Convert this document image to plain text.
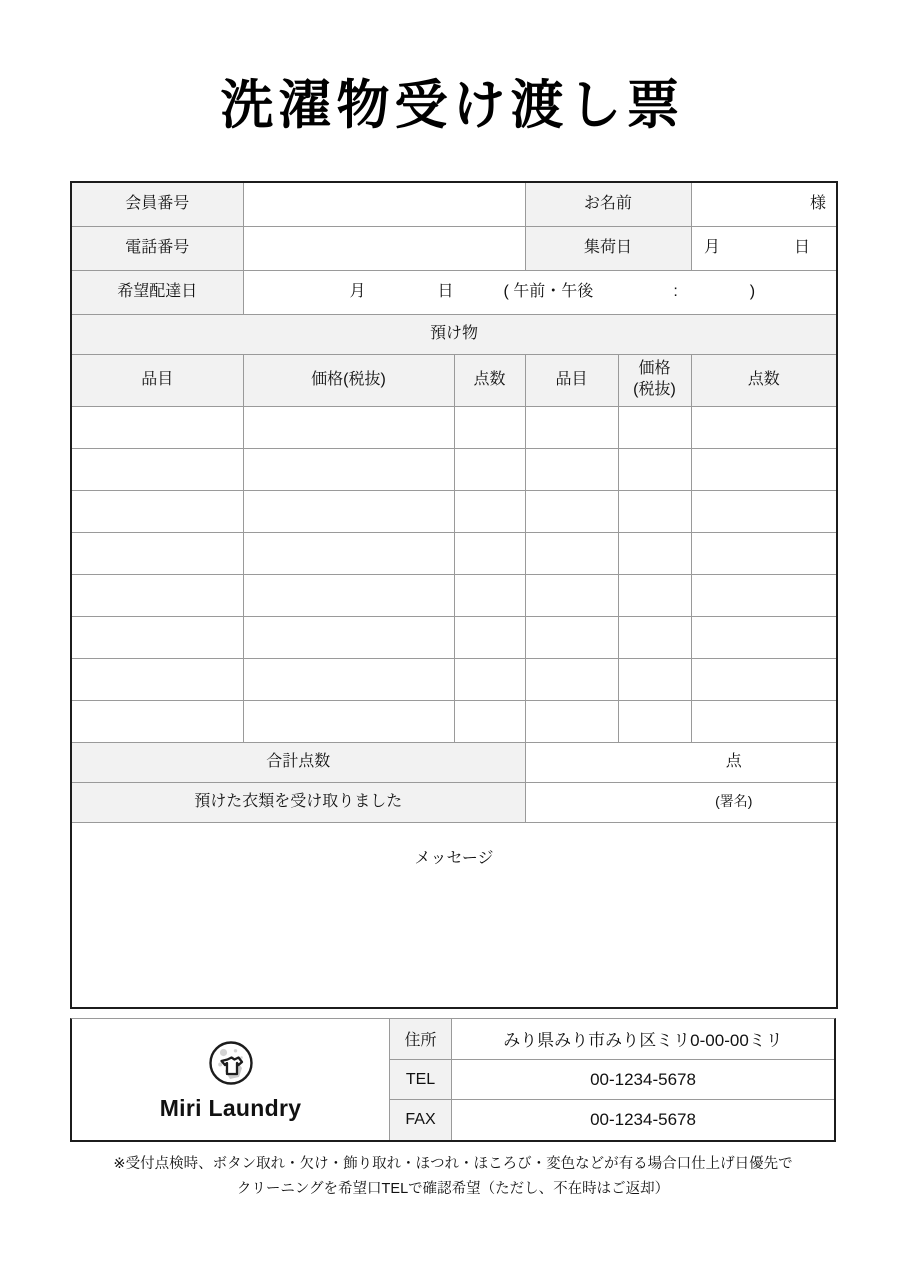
洗濯物受け渡し票
会員番号			お名前		様
電話番号			集荷日		月 日

希望配達日	月 日 ( 午前・午後 : )				

預け物					
品目	価格(税抜)	点数	品目	価格(税抜)	点数

合計点数			点		
預けた衣類を受け取りました			(署名)		
メッセージ					
Miri Laundry
住所	みり県みり市みり区ミリ0-00-00ミリ
TEL	00-1234-5678
FAX	00-1234-5678
※受付点検時、ボタン取れ・欠け・飾り取れ・ほつれ・ほころび・変色などが有る場合口仕上げ日優先で
クリーニングを希望口TELで確認希望（ただし、不在時はご返却）
